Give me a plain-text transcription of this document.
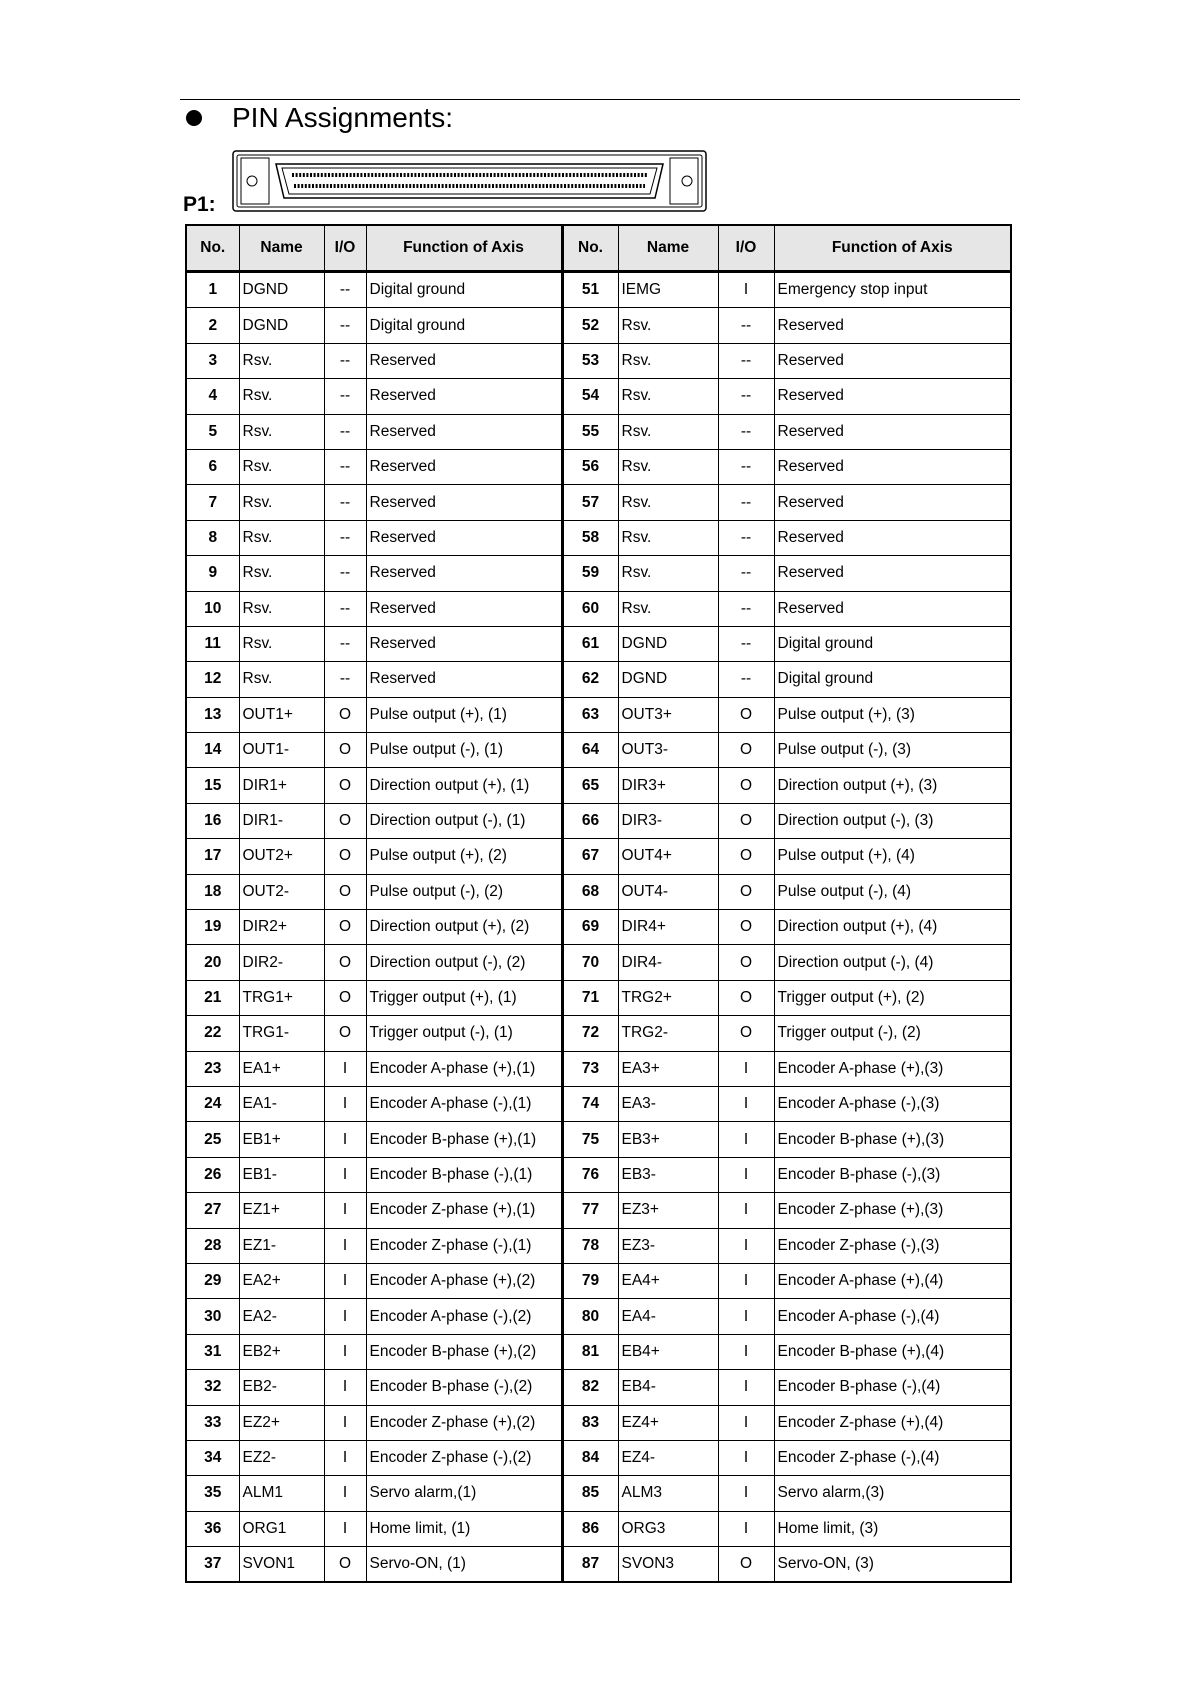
PIN Assignments:
P1:
No.	Name	I/O	Function of Axis	No.	Name	I/O	Function of Axis
1	DGND	--	Digital ground	51	IEMG	I	Emergency stop input
2	DGND	--	Digital ground	52	Rsv.	--	Reserved
3	Rsv.	--	Reserved	53	Rsv.	--	Reserved
4	Rsv.	--	Reserved	54	Rsv.	--	Reserved
5	Rsv.	--	Reserved	55	Rsv.	--	Reserved
6	Rsv.	--	Reserved	56	Rsv.	--	Reserved
7	Rsv.	--	Reserved	57	Rsv.	--	Reserved
8	Rsv.	--	Reserved	58	Rsv.	--	Reserved
9	Rsv.	--	Reserved	59	Rsv.	--	Reserved
10	Rsv.	--	Reserved	60	Rsv.	--	Reserved
11	Rsv.	--	Reserved	61	DGND	--	Digital ground
12	Rsv.	--	Reserved	62	DGND	--	Digital ground
13	OUT1+	O	Pulse output (+), (1)	63	OUT3+	O	Pulse output (+), (3)
14	OUT1-	O	Pulse output (-), (1)	64	OUT3-	O	Pulse output (-), (3)
15	DIR1+	O	Direction output (+), (1)	65	DIR3+	O	Direction output (+), (3)
16	DIR1-	O	Direction output (-), (1)	66	DIR3-	O	Direction output (-), (3)
17	OUT2+	O	Pulse output (+), (2)	67	OUT4+	O	Pulse output (+), (4)
18	OUT2-	O	Pulse output (-), (2)	68	OUT4-	O	Pulse output (-), (4)
19	DIR2+	O	Direction output (+), (2)	69	DIR4+	O	Direction output (+), (4)
20	DIR2-	O	Direction output (-), (2)	70	DIR4-	O	Direction output (-), (4)
21	TRG1+	O	Trigger output (+), (1)	71	TRG2+	O	Trigger output (+), (2)
22	TRG1-	O	Trigger output (-), (1)	72	TRG2-	O	Trigger output (-), (2)
23	EA1+	I	Encoder A-phase (+),(1)	73	EA3+	I	Encoder A-phase (+),(3)
24	EA1-	I	Encoder A-phase (-),(1)	74	EA3-	I	Encoder A-phase (-),(3)
25	EB1+	I	Encoder B-phase (+),(1)	75	EB3+	I	Encoder B-phase (+),(3)
26	EB1-	I	Encoder B-phase (-),(1)	76	EB3-	I	Encoder B-phase (-),(3)
27	EZ1+	I	Encoder Z-phase (+),(1)	77	EZ3+	I	Encoder Z-phase (+),(3)
28	EZ1-	I	Encoder Z-phase (-),(1)	78	EZ3-	I	Encoder Z-phase (-),(3)
29	EA2+	I	Encoder A-phase (+),(2)	79	EA4+	I	Encoder A-phase (+),(4)
30	EA2-	I	Encoder A-phase (-),(2)	80	EA4-	I	Encoder A-phase (-),(4)
31	EB2+	I	Encoder B-phase (+),(2)	81	EB4+	I	Encoder B-phase (+),(4)
32	EB2-	I	Encoder B-phase (-),(2)	82	EB4-	I	Encoder B-phase (-),(4)
33	EZ2+	I	Encoder Z-phase (+),(2)	83	EZ4+	I	Encoder Z-phase (+),(4)
34	EZ2-	I	Encoder Z-phase (-),(2)	84	EZ4-	I	Encoder Z-phase (-),(4)
35	ALM1	I	Servo alarm,(1)	85	ALM3	I	Servo alarm,(3)
36	ORG1	I	Home limit, (1)	86	ORG3	I	Home limit, (3)
37	SVON1	O	Servo-ON, (1)	87	SVON3	O	Servo-ON, (3)
